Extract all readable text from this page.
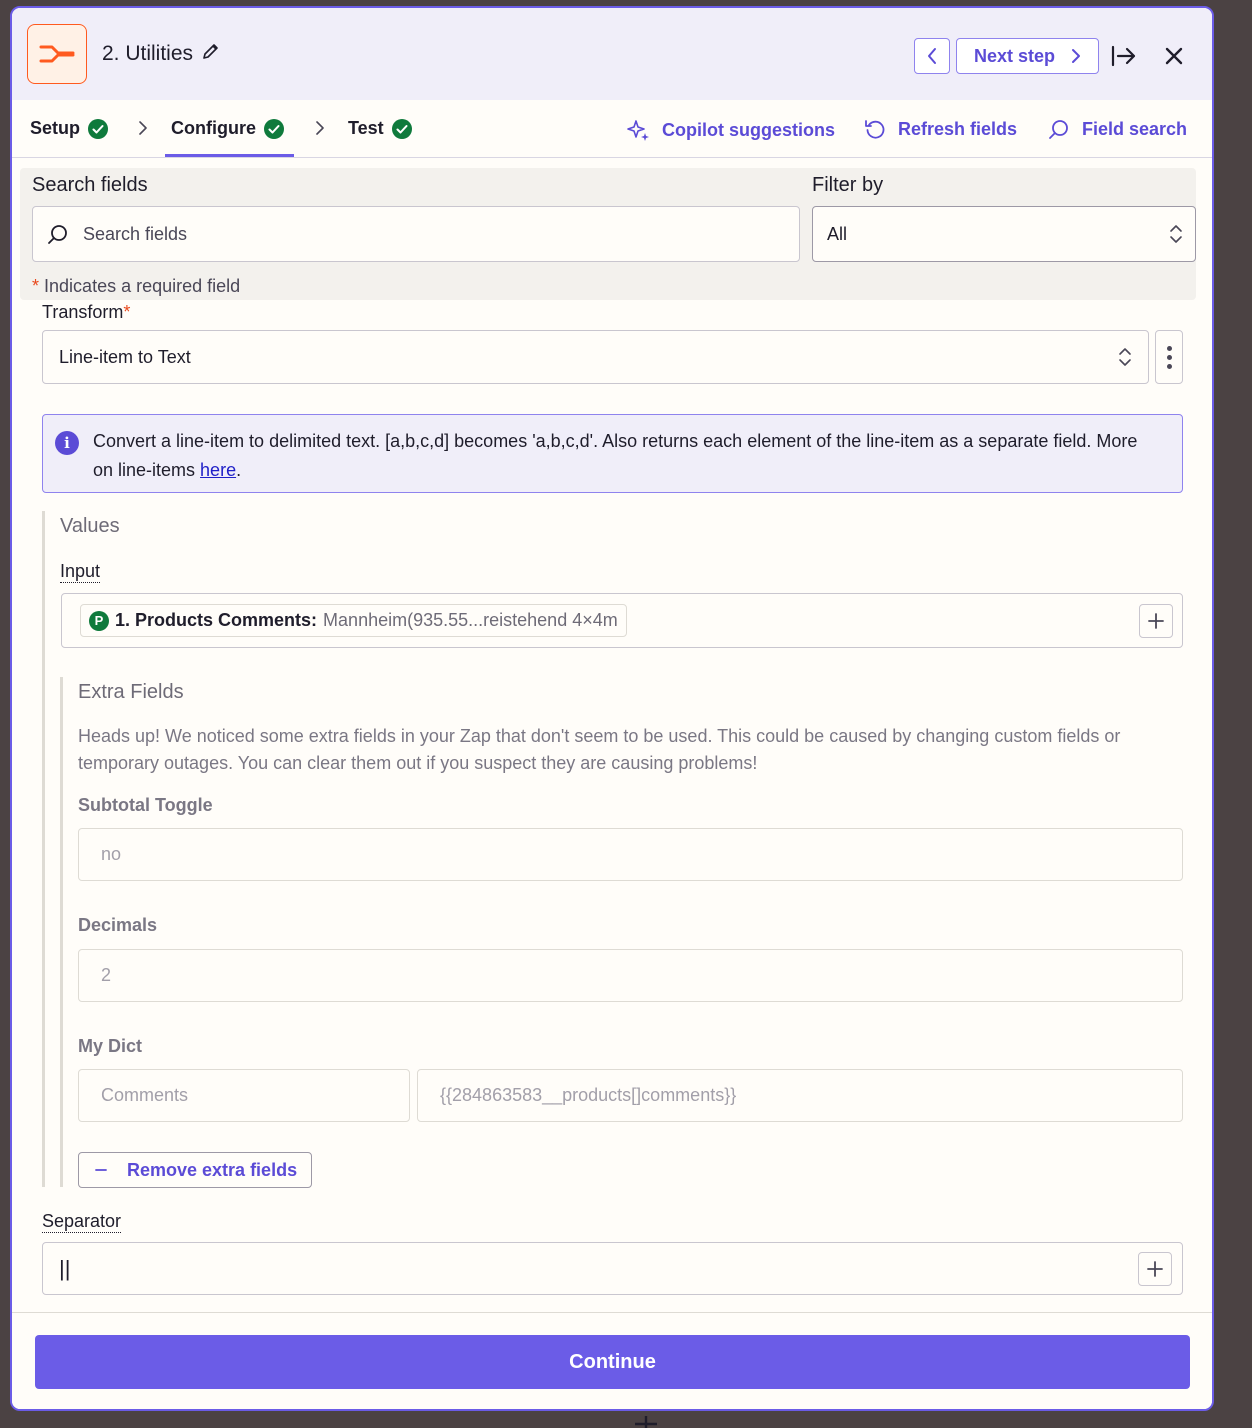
2. Utilities	Next step
Setup	Configure	Test	Copilot suggestions	Refresh fields	Field search
Search fields	Filter by
Search fields	All
* Indicates a required field
Transform*
Line-item to Text
i	Convert a line-item to delimited text. [a,b,c,d] becomes 'a,b,c,d'. Also returns each element of the line-item as a separate field. More on line-items here.
Values
Input
P 1. Products Comments: Mannheim(935.55...reistehend 4×4m
Extra Fields
Heads up! We noticed some extra fields in your Zap that don't seem to be used. This could be caused by changing custom fields or temporary outages. You can clear them out if you suspect they are causing problems!
Subtotal Toggle
no
Decimals
2
My Dict
Comments	{{284863583__products[]comments}}
Remove extra fields
Separator
||
Continue
